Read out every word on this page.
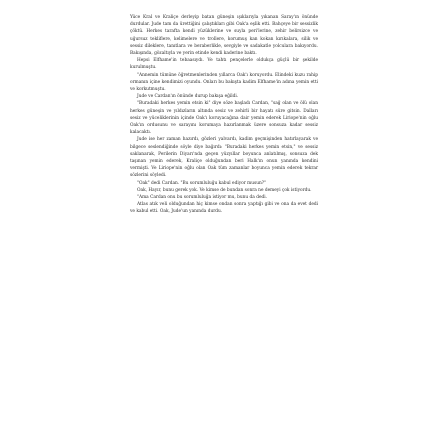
Yüce Kral ve Kraliçe derleyip batan güneşin ışıklarıyla yıkanan Saray'ın önünde durdular. Jude tam da ürettiğini çalıştıkları gibi Oak'a eşlik etti. Bahçeye bir sessizlik çöktü. Herkes tarafta kendi yüzüklerine ve suyla peri'lerine, zehir belirsizce ve uğursuz tekliflere, kelimelere ve trollere, korumuş kan kokan kırıkalara, silik ve sessiz dileklere, tanıtlara ve beraberlikle, sevgiyle ve sadakatle yolculara bakıyordu. Bakışında, gözaltıyla ve yerin etinde kendi kaderine baktı.

Hepsi Elfhame'in tebaasıydı. Ve tahtı pençelerle oldukça güçlü bir şekilde kurulmuştu.

"Annemin tümüne öğretmenlerinden yıllarca Oak'ı koruyordu. Elindeki kuzu rahip ormanın içine kendimizi oyundu. Onları bu bakışta kadim Elfhame'in adına yemin etti ve korkutmuştu.

Jude ve Cardan'ın önünde durup bakışa eğildi.

"Buradaki herkes yemin etsin ki" diye söze başladı Cardan, "sağ olan ve ölü olan herkes güneşin ve yıldızların altında sesiz ve zehirli bir hayatı süre gitsin. Dalları sesiz ve yüceliklerinin içinde Oak'ı koruyacağına dair yemin ederek Liriope'nin oğlu Oak'ın ordusunu ve sarayını korumaya hazırlanmak üzere sonsuza kadar sessiz kalacaktı.

Jude ise her zaman hazırdı, gözleri yalvardı, kadim geçmişinden hatırlayarak ve bilgece seslendiğinde söyle diye bağırdı: "Buradaki herkes yemin etsin," ve sessiz saklanarak, Perilerin Diyarı'nda geçen yüzyıllar boyunca anlatılmış, sonsuza dek taşınan yemin ederek, Kraliçe olduğundan beri Halk'ın onun yanında kendini vermişti. Ve Liriope'nin oğlu olan Oak tüm zamanlar boyunca yemin ederek tekrar sözlerini söyledi.

"Oak" dedi Cardan. "Bu sorumluluğu kabul ediyor musun?"

Oak, Hayır, bunu gerek yok. Ve kimse de bundan sonra ne demeyi çok istiyordu.

"Ama Cardan onu bu sorumluluğa istiyor mu, bunu da dedi.

Atlas atık veli olduğundan hiç kimse ondan sonra yaptığı gibi ve ona da evet dedi ve kabul etti. Oak, Jude'un yanında durdu.
